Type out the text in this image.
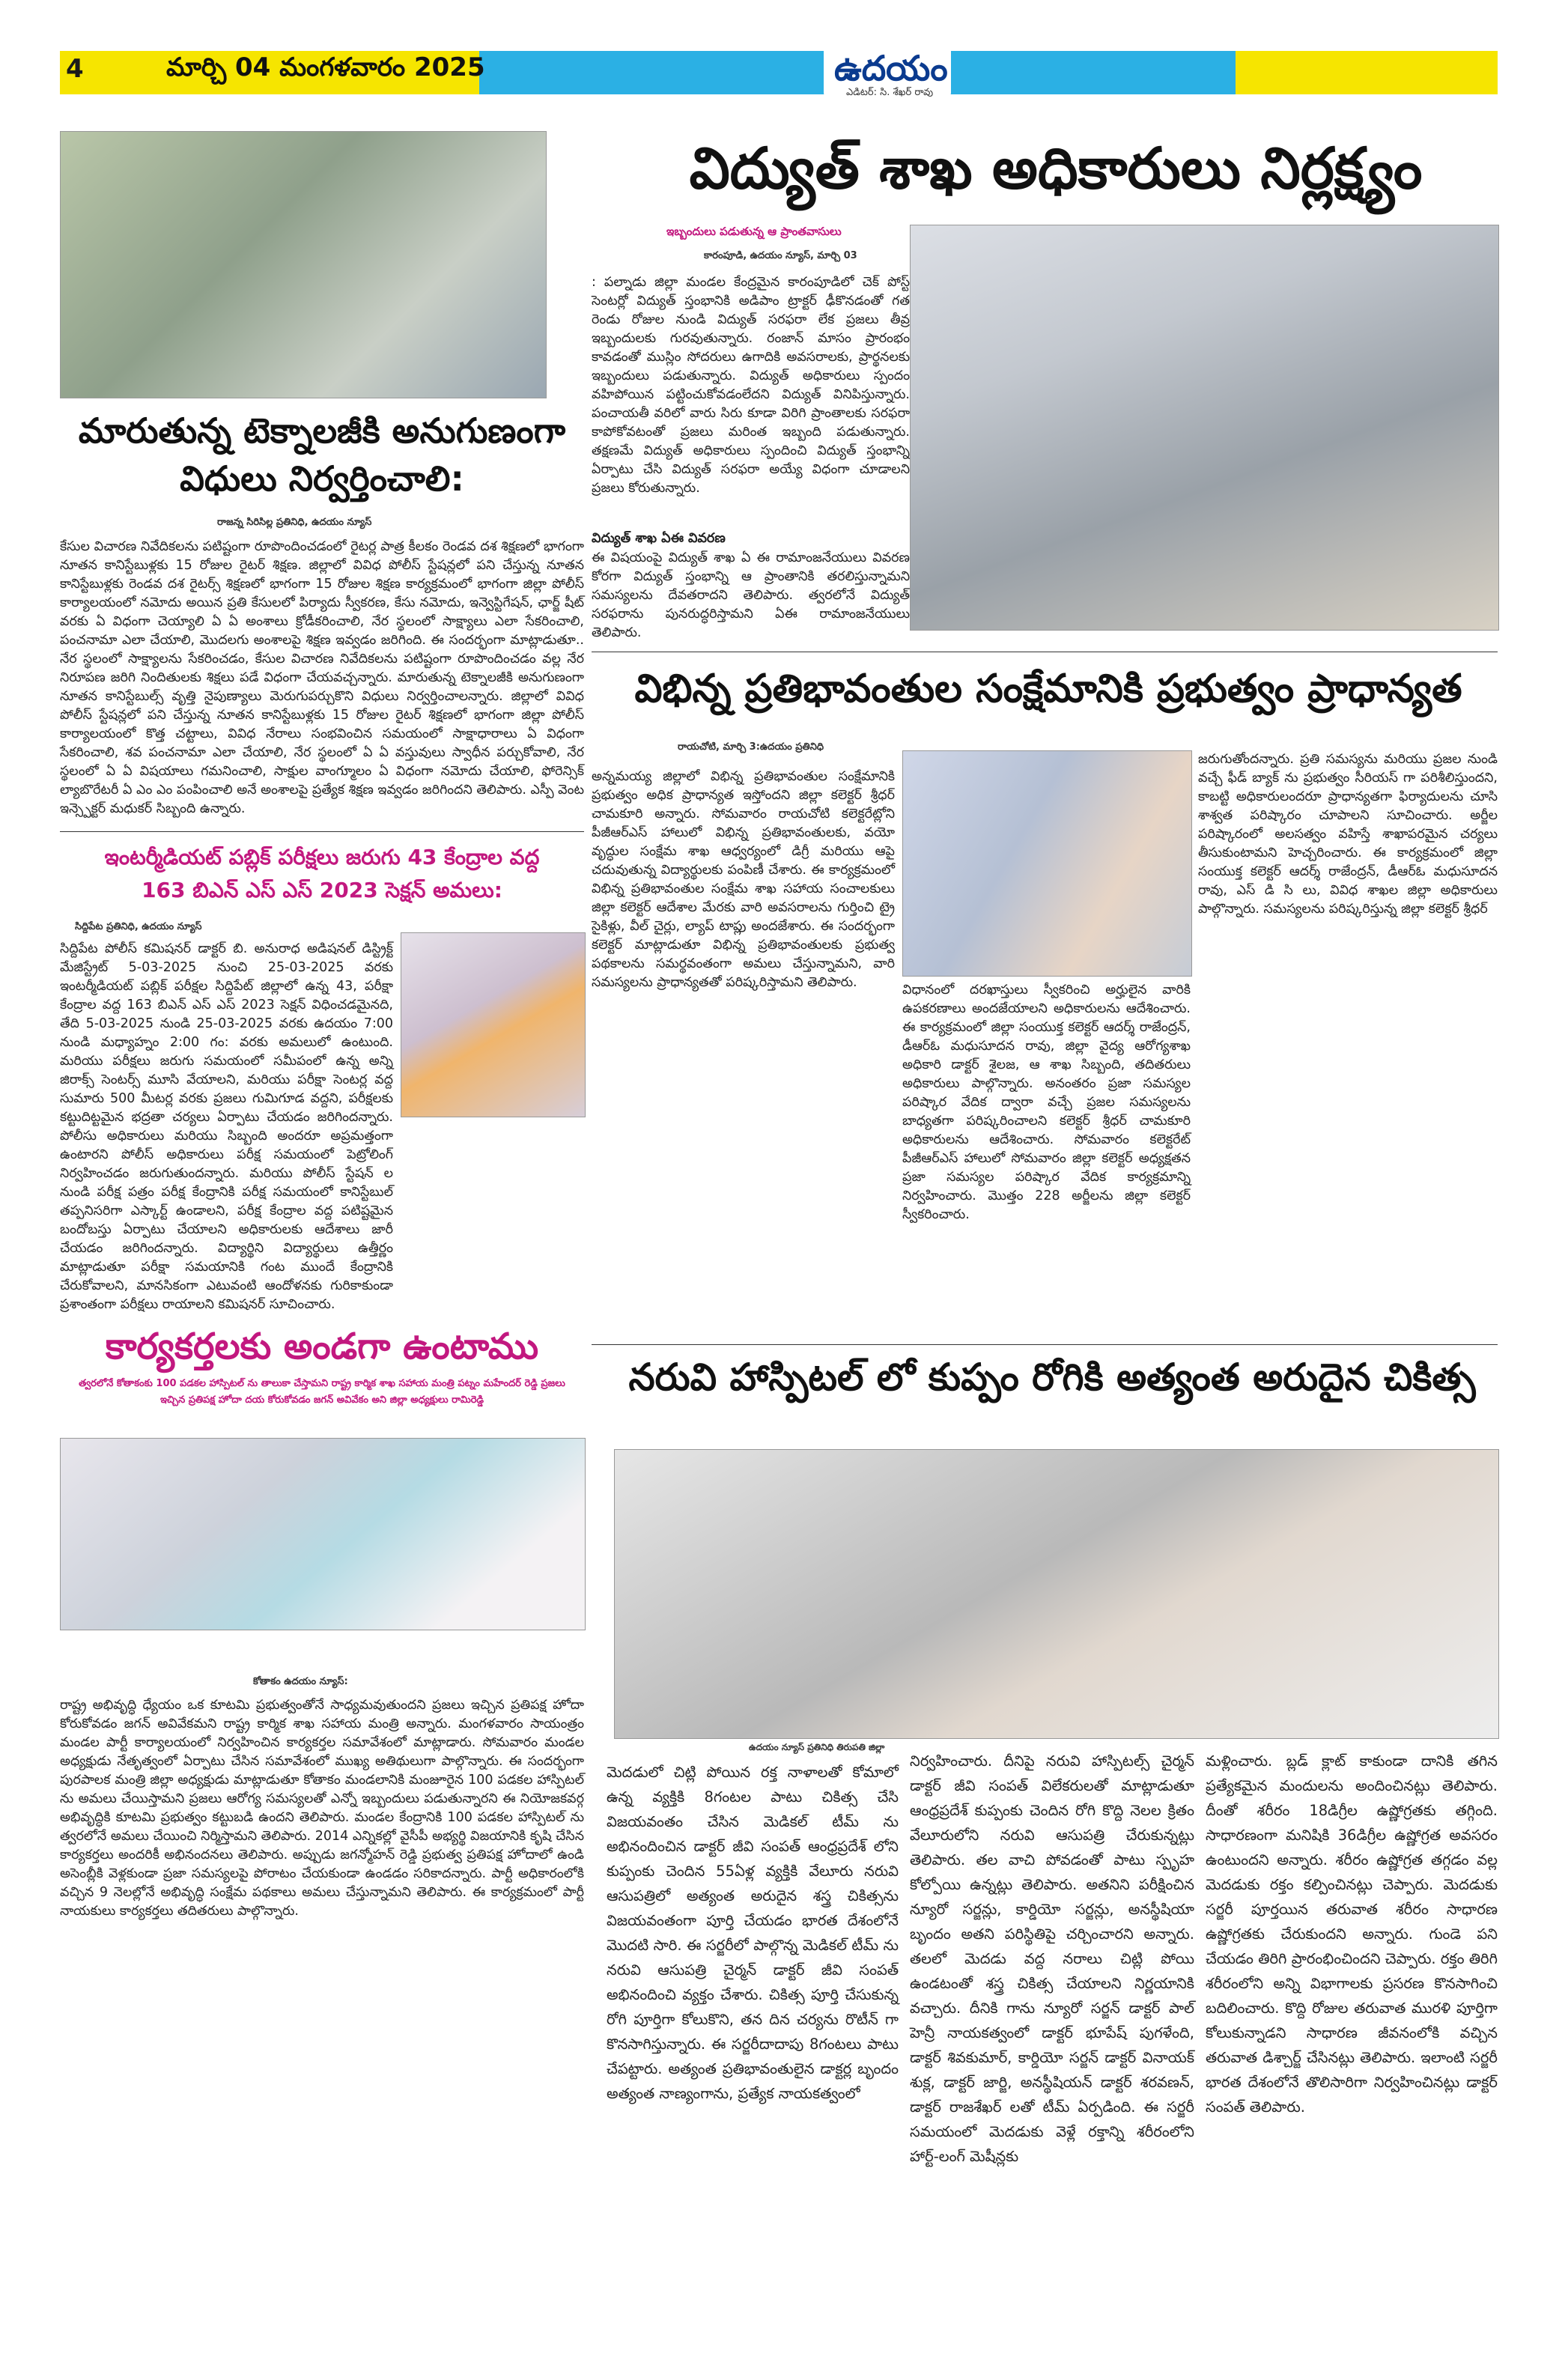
4	మార్చి 04 మంగళవారం 2025	ఉదయం
ఎడిటర్: సి. శేఖర్ రావు
విద్యుత్ శాఖ అధికారులు నిర్లక్ష్యం
ఇబ్బందులు పడుతున్న ఆ ప్రాంతవాసులు
కారంపూడి, ఉదయం న్యూస్, మార్చి 03
: పల్నాడు జిల్లా మండల కేంద్రమైన కారంపూడిలో చెక్ పోస్ట్ సెంటర్లో విద్యుత్ స్తంభానికి అడిపాం ట్రాక్టర్ ఢీకొనడంతో గత రెండు రోజుల నుండి విద్యుత్ సరఫరా లేక ప్రజలు తీవ్ర ఇబ్బందులకు గురవుతున్నారు. రంజాన్ మాసం ప్రారంభం కావడంతో ముస్లిం సోదరులు ఉగాదికి అవసరాలకు, ప్రార్థనలకు ఇబ్బందులు పడుతున్నారు. విద్యుత్ అధికారులు స్పందం వహిపోయిన పట్టించుకోవడంలేదని విద్యుత్ వినిపిస్తున్నారు. పంచాయతీ వరిలో వారు సిరు కూడా విరిగి ప్రాంతాలకు సరఫరా కాపోకోవటంతో ప్రజలు మరింత ఇబ్బంది పడుతున్నారు. తక్షణమే విద్యుత్ అధికారులు స్పందించి విద్యుత్ స్తంభాన్ని ఏర్పాటు చేసి విద్యుత్ సరఫరా అయ్యే విధంగా చూడాలని ప్రజలు కోరుతున్నారు.
విద్యుత్ శాఖ ఏఈ వివరణ
ఈ విషయంపై విద్యుత్ శాఖ ఏ ఈ రామాంజనేయులు వివరణ కోరగా విద్యుత్ స్తంభాన్ని ఆ ప్రాంతానికి తరలిస్తున్నామని సమస్యలను దేవతరాదని తెలిపారు. త్వరలోనే విద్యుత్ సరఫరాను పునరుద్ధరిస్తామని ఏఈ రామాంజనేయులు తెలిపారు.
మారుతున్న టెక్నాలజీకి అనుగుణంగా
విధులు నిర్వర్తించాలి:
రాజన్న సిరిసిల్ల ప్రతినిధి, ఉదయం న్యూస్
కేసుల విచారణ నివేదికలను పటిష్టంగా రూపొందించడంలో రైటర్ల పాత్ర కీలకం రెండవ దశ శిక్షణలో భాగంగా నూతన కానిస్టేబుళ్లకు 15 రోజుల రైటర్ శిక్షణ. జిల్లాలో వివిధ పోలీస్ స్టేషన్లలో పని చేస్తున్న నూతన కానిస్టేబుళ్లకు రెండవ దశ రైటర్స్ శిక్షణలో భాగంగా 15 రోజుల శిక్షణ కార్యక్రమంలో భాగంగా జిల్లా పోలీస్ కార్యాలయంలో నమోదు అయిన ప్రతి కేసులలో పిర్యాదు స్వీకరణ, కేసు నమోదు, ఇన్వెస్టిగేషన్, ఛార్జ్ షీట్ వరకు ఏ విధంగా చెయ్యాలి ఏ ఏ అంశాలు క్రోడీకరించాలి, నేర స్థలంలో సాక్ష్యాలు ఎలా సేకరించాలి, పంచనామా ఎలా చేయాలి, మొదలగు అంశాలపై శిక్షణ ఇవ్వడం జరిగింది. ఈ సందర్భంగా మాట్లాడుతూ.. నేర స్థలంలో సాక్ష్యాలను సేకరించడం, కేసుల విచారణ నివేదికలను పటిష్టంగా రూపొందించడం వల్ల నేర నిరూపణ జరిగి నిందితులకు శిక్షలు పడే విధంగా చేయవచ్చన్నారు. మారుతున్న టెక్నాలజీకి అనుగుణంగా నూతన కానిస్టేబుల్స్ వృత్తి నైపుణ్యాలు మెరుగుపర్చుకొని విధులు నిర్వర్తించాలన్నారు. జిల్లాలో వివిధ పోలీస్ స్టేషన్లలో పని చేస్తున్న నూతన కానిస్టేబుళ్లకు 15 రోజుల రైటర్ శిక్షణలో భాగంగా జిల్లా పోలీస్ కార్యాలయంలో కొత్త చట్టాలు, వివిధ నేరాలు సంభవించిన సమయంలో సాక్షాధారాలు ఏ విధంగా సేకరించాలి, శవ పంచనామా ఎలా చేయాలి, నేర స్థలంలో ఏ ఏ వస్తువులు స్వాధీన పర్చుకోవాలి, నేర స్థలంలో ఏ ఏ విషయాలు గమనించాలి, సాక్షుల వాంగ్మూలం ఏ విధంగా నమోదు చేయాలి, ఫోరెన్సిక్ ల్యాబొరేటరీ ఏ ఎం ఎం పంపించాలి అనే అంశాలపై ప్రత్యేక శిక్షణ ఇవ్వడం జరిగిందని తెలిపారు. ఎస్పీ వెంట ఇన్స్పెక్టర్ మధుకర్ సిబ్బంది ఉన్నారు.
విభిన్న ప్రతిభావంతుల సంక్షేమానికి ప్రభుత్వం ప్రాధాన్యత
రాయచోటి, మార్చి 3:ఉదయం ప్రతినిధి
అన్నమయ్య జిల్లాలో విభిన్న ప్రతిభావంతుల సంక్షేమానికి ప్రభుత్వం అధిక ప్రాధాన్యత ఇస్తోందని జిల్లా కలెక్టర్ శ్రీధర్ చామకూరి అన్నారు. సోమవారం రాయచోటి కలెక్టరేట్లోని పీజీఆర్ఎస్ హాలులో విభిన్న ప్రతిభావంతులకు, వయో వృద్ధుల సంక్షేమ శాఖ ఆధ్వర్యంలో డిగ్రీ మరియు ఆపై చదువుతున్న విద్యార్థులకు పంపిణీ చేశారు. ఈ కార్యక్రమంలో విభిన్న ప్రతిభావంతుల సంక్షేమ శాఖ సహాయ సంచాలకులు జిల్లా కలెక్టర్ ఆదేశాల మేరకు వారి అవసరాలను గుర్తించి ట్రై సైకిళ్లు, వీల్ చైర్లు, ల్యాప్ టాప్లు అందజేశారు. ఈ సందర్భంగా కలెక్టర్ మాట్లాడుతూ విభిన్న ప్రతిభావంతులకు ప్రభుత్వ పథకాలను సమర్థవంతంగా అమలు చేస్తున్నామని, వారి సమస్యలను ప్రాధాన్యతతో పరిష్కరిస్తామని తెలిపారు.	విధానంలో దరఖాస్తులు స్వీకరించి అర్హులైన వారికి ఉపకరణాలు అందజేయాలని అధికారులను ఆదేశించారు. ఈ కార్యక్రమంలో జిల్లా సంయుక్త కలెక్టర్ ఆదర్శ్ రాజేంద్రన్, డీఆర్ఓ మధుసూదన రావు, జిల్లా వైద్య ఆరోగ్యశాఖ అధికారి డాక్టర్ శైలజ, ఆ శాఖ సిబ్బంది, తదితరులు అధికారులు పాల్గొన్నారు. అనంతరం ప్రజా సమస్యల పరిష్కార వేదిక ద్వారా వచ్చే ప్రజల సమస్యలను బాధ్యతగా పరిష్కరించాలని కలెక్టర్ శ్రీధర్ చామకూరి అధికారులను ఆదేశించారు. సోమవారం కలెక్టరేట్ పీజీఆర్ఎస్ హాలులో సోమవారం జిల్లా కలెక్టర్ అధ్యక్షతన ప్రజా సమస్యల పరిష్కార వేదిక కార్యక్రమాన్ని నిర్వహించారు. మొత్తం 228 అర్జీలను జిల్లా కలెక్టర్ స్వీకరించారు.
జరుగుతోందన్నారు. ప్రతి సమస్యను మరియు ప్రజల నుండి వచ్చే ఫీడ్ బ్యాక్ ను ప్రభుత్వం సీరియస్ గా పరిశీలిస్తుందని, కాబట్టి అధికారులందరూ ప్రాధాన్యతగా ఫిర్యాదులను చూసి శాశ్వత పరిష్కారం చూపాలని సూచించారు. అర్జీల పరిష్కారంలో అలసత్వం వహిస్తే శాఖాపరమైన చర్యలు తీసుకుంటామని హెచ్చరించారు. ఈ కార్యక్రమంలో జిల్లా సంయుక్త కలెక్టర్ ఆదర్శ్ రాజేంద్రన్, డీఆర్ఓ మధుసూదన రావు, ఎస్ డి సి లు, వివిధ శాఖల జిల్లా అధికారులు పాల్గొన్నారు. సమస్యలను పరిష్కరిస్తున్న జిల్లా కలెక్టర్ శ్రీధర్
ఇంటర్మీడియట్ పబ్లిక్ పరీక్షలు జరుగు 43 కేంద్రాల వద్ద
163 బిఎన్ ఎస్ ఎస్ 2023 సెక్షన్ అమలు:
సిద్దిపేట ప్రతినిధి, ఉదయం న్యూస్
సిద్దిపేట పోలీస్ కమిషనర్ డాక్టర్ బి. అనురాధ అడిషనల్ డిస్ట్రిక్ట్ మేజిస్ట్రేట్ 5-03-2025 నుంచి 25-03-2025 వరకు ఇంటర్మీడియట్ పబ్లిక్ పరీక్షల సిద్దిపేట్ జిల్లాలో ఉన్న 43, పరీక్షా కేంద్రాల వద్ద 163 బిఎన్ ఎస్ ఎస్ 2023 సెక్షన్ విధించడమైనది, తేది 5-03-2025 నుండి 25-03-2025 వరకు ఉదయం 7:00 నుండి మధ్యాహ్నం 2:00 గం: వరకు అమలులో ఉంటుంది. మరియు పరీక్షలు జరుగు సమయంలో సమీపంలో ఉన్న అన్ని జిరాక్స్ సెంటర్స్ మూసి వేయాలని, మరియు పరీక్షా సెంటర్ల వద్ద సుమారు 500 మీటర్ల వరకు ప్రజలు గుమిగూడ వద్దని, పరీక్షలకు కట్టుదిట్టమైన భద్రతా చర్యలు ఏర్పాటు చేయడం జరిగిందన్నారు. పోలీసు అధికారులు మరియు సిబ్బంది అందరూ అప్రమత్తంగా ఉంటారని పోలీస్ అధికారులు పరీక్ష సమయంలో పెట్రోలింగ్ నిర్వహించడం జరుగుతుందన్నారు. మరియు పోలీస్ స్టేషన్ ల నుండి పరీక్ష పత్రం పరీక్ష కేంద్రానికి పరీక్ష సమయంలో కానిస్టేబుల్ తప్పనిసరిగా ఎస్కార్ట్ ఉండాలని, పరీక్ష కేంద్రాల వద్ద పటిష్టమైన బందోబస్తు ఏర్పాటు చేయాలని అధికారులకు ఆదేశాలు జారీ చేయడం జరిగిందన్నారు. విద్యార్థిని విద్యార్థులు ఉత్తీర్ణం మాట్లాడుతూ పరీక్షా సమయానికి గంట ముందే కేంద్రానికి చేరుకోవాలని, మానసికంగా ఎటువంటి ఆందోళనకు గురికాకుండా ప్రశాంతంగా పరీక్షలు రాయాలని కమిషనర్ సూచించారు.
కార్యకర్తలకు అండగా ఉంటాము
త్వరలోనే కోతాకంకు 100 పడకల హాస్పిటల్ ను తాలుకా చేస్తామని రాష్ట్ర కార్మిక శాఖ సహాయ మంత్రి పట్నం మహేందర్ రెడ్డి ప్రజలు
ఇచ్చిన ప్రతిపక్ష హోదా దయ కోరుకోవడం జగన్ అవివేకం అని జిల్లా అధ్యక్షులు రామిరెడ్డి
కోతాకం ఉదయం న్యూస్:
రాష్ట్ర అభివృద్ధి ధ్యేయం ఒక కూటమి ప్రభుత్వంతోనే సాధ్యమవుతుందని ప్రజలు ఇచ్చిన ప్రతిపక్ష హోదా కోరుకోవడం జగన్ అవివేకమని రాష్ట్ర కార్మిక శాఖ సహాయ మంత్రి అన్నారు. మంగళవారం సాయంత్రం మండల పార్టీ కార్యాలయంలో నిర్వహించిన కార్యకర్తల సమావేశంలో మాట్లాడారు. సోమవారం మండల అధ్యక్షుడు నేతృత్వంలో ఏర్పాటు చేసిన సమావేశంలో ముఖ్య అతిథులుగా పాల్గొన్నారు. ఈ సందర్భంగా పురపాలక మంత్రి జిల్లా అధ్యక్షుడు మాట్లాడుతూ కోతాకం మండలానికి మంజూరైన 100 పడకల హాస్పిటల్ ను అమలు చేయిస్తామని ప్రజలు ఆరోగ్య సమస్యలతో ఎన్నో ఇబ్బందులు పడుతున్నారని ఈ నియోజకవర్గ అభివృద్ధికి కూటమి ప్రభుత్వం కట్టుబడి ఉందని తెలిపారు. మండల కేంద్రానికి 100 పడకల హాస్పిటల్ ను త్వరలోనే అమలు చేయించి నిర్మిస్తామని తెలిపారు. 2014 ఎన్నికల్లో వైసీపీ అభ్యర్థి విజయానికి కృషి చేసిన కార్యకర్తలు అందరికీ అభినందనలు తెలిపారు. అప్పుడు జగన్మోహన్ రెడ్డి ప్రభుత్వ ప్రతిపక్ష హోదాలో ఉండి అసెంబ్లీకి వెళ్లకుండా ప్రజా సమస్యలపై పోరాటం చేయకుండా ఉండడం సరికాదన్నారు. పార్టీ అధికారంలోకి వచ్చిన 9 నెలల్లోనే అభివృద్ధి సంక్షేమ పథకాలు అమలు చేస్తున్నామని తెలిపారు. ఈ కార్యక్రమంలో పార్టీ నాయకులు కార్యకర్తలు తదితరులు పాల్గొన్నారు.
నరువి హాస్పిటల్ లో కుప్పం రోగికి అత్యంత అరుదైన చికిత్స
ఉదయం న్యూస్ ప్రతినిధి తిరుపతి జిల్లా
మెదడులో చిట్లి పోయిన రక్త నాళాలతో కోమాలో ఉన్న వ్యక్తికి 8గంటల పాటు చికిత్స చేసి విజయవంతం చేసిన మెడికల్ టీమ్ ను అభినందించిన డాక్టర్ జీవి సంపత్ ఆంధ్రప్రదేశ్ లోని కుప్పంకు చెందిన 55ఏళ్ల వ్యక్తికి వేలూరు నరువి ఆసుపత్రిలో అత్యంత అరుదైన శస్త్ర చికిత్సను విజయవంతంగా పూర్తి చేయడం భారత దేశంలోనే మొదటి సారి. ఈ సర్జరీలో పాల్గొన్న మెడికల్ టీమ్ ను నరువి ఆసుపత్రి చైర్మన్ డాక్టర్ జీవి సంపత్ అభినందించి వ్యక్తం చేశారు. చికిత్స పూర్తి చేసుకున్న రోగి పూర్తిగా కోలుకొని, తన దిన చర్యను రొటీన్ గా కొనసాగిస్తున్నారు. ఈ సర్జరీదాదాపు 8గంటలు పాటు చేపట్టారు. అత్యంత ప్రతిభావంతులైన డాక్టర్ల బృందం అత్యంత నాణ్యంగాను, ప్రత్యేక నాయకత్వంలో
నిర్వహించారు. దీనిపై నరువి హాస్పిటల్స్ చైర్మన్ డాక్టర్ జీవి సంపత్ విలేకరులతో మాట్లాడుతూ ఆంధ్రప్రదేశ్ కుప్పంకు చెందిన రోగి కొద్ది నెలల క్రితం వేలూరులోని నరువి ఆసుపత్రి చేరుకున్నట్లు తెలిపారు. తల వాచి పోవడంతో పాటు స్పృహ కోల్పోయి ఉన్నట్లు తెలిపారు. అతనిని పరీక్షించిన న్యూరో సర్జన్లు, కార్డియో సర్జన్లు, అనస్థీషియా బృందం అతని పరిస్థితిపై చర్చించారని అన్నారు. తలలో మెదడు వద్ద నరాలు చిట్లి పోయి ఉండటంతో శస్త్ర చికిత్స చేయాలని నిర్ణయానికి వచ్చారు. దీనికి గాను న్యూరో సర్జన్ డాక్టర్ పాల్ హెన్రీ నాయకత్వంలో డాక్టర్ భూపేష్ పుగళేంది, డాక్టర్ శివకుమార్, కార్డియో సర్జన్ డాక్టర్ వినాయక్ శుక్ల, డాక్టర్ జార్జి, అనస్థీషియన్ డాక్టర్ శరవణన్, డాక్టర్ రాజశేఖర్ లతో టీమ్ ఏర్పడింది. ఈ సర్జరీ సమయంలో మెదడుకు వెళ్లే రక్తాన్ని శరీరంలోని హార్ట్-లంగ్ మెషీన్లకు
మళ్లించారు. బ్లడ్ క్లాట్ కాకుండా దానికి తగిన ప్రత్యేకమైన మందులను అందించినట్లు తెలిపారు. దీంతో శరీరం 18డిగ్రీల ఉష్ణోగ్రతకు తగ్గింది. సాధారణంగా మనిషికి 36డిగ్రీల ఉష్ణోగ్రత అవసరం ఉంటుందని అన్నారు. శరీరం ఉష్ణోగ్రత తగ్గడం వల్ల మెదడుకు రక్తం కల్పించినట్లు చెప్పారు. మెదడుకు సర్జరీ పూర్తయిన తరువాత శరీరం సాధారణ ఉష్ణోగ్రతకు చేరుకుందని అన్నారు. గుండె పని చేయడం తిరిగి ప్రారంభించిందని చెప్పారు. రక్తం తిరిగి శరీరంలోని అన్ని విభాగాలకు ప్రసరణ కొనసాగించి బదిలించారు. కొద్ది రోజుల తరువాత మురళి పూర్తిగా కోలుకున్నాడని సాధారణ జీవనంలోకి వచ్చిన తరువాత డిశ్చార్జ్ చేసినట్లు తెలిపారు. ఇలాంటి సర్జరీ భారత దేశంలోనే తొలిసారిగా నిర్వహించినట్లు డాక్టర్ సంపత్ తెలిపారు.
